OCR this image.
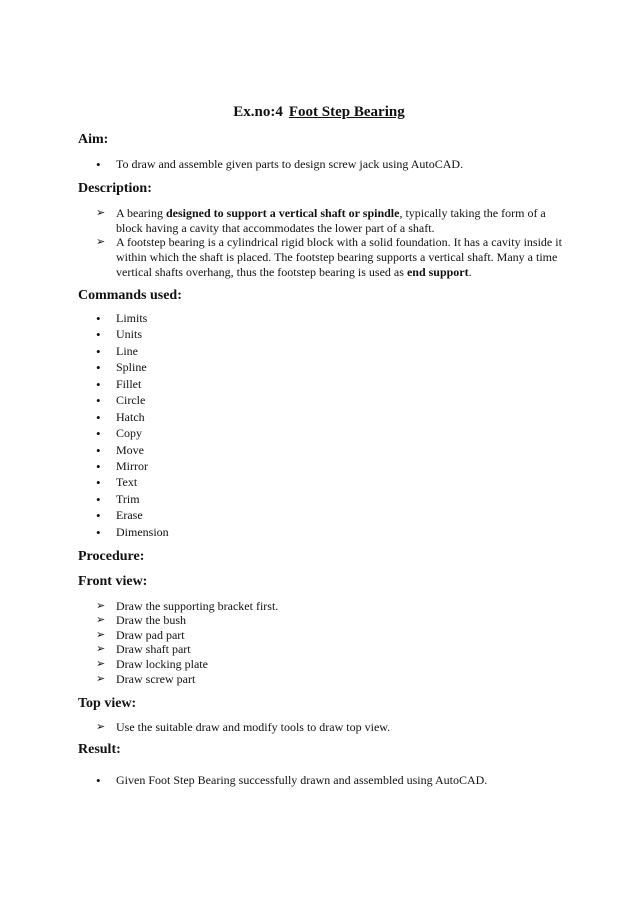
Ex.no:4 Foot Step Bearing
Aim:
•	To draw and assemble given parts to design screw jack using AutoCAD.
Description:
➢ A bearing designed to support a vertical shaft or spindle, typically taking the form of a block having a cavity that accommodates the lower part of a shaft.
➢ A footstep bearing is a cylindrical rigid block with a solid foundation. It has a cavity inside it within which the shaft is placed. The footstep bearing supports a vertical shaft. Many a time vertical shafts overhang, thus the footstep bearing is used as end support.
Commands used:
•	Limits
•	Units
•	Line
•	Spline
•	Fillet
•	Circle
•	Hatch
•	Copy
•	Move
•	Mirror
•	Text
•	Trim
•	Erase
•	Dimension
Procedure:
Front view:
➢ Draw the supporting bracket first.
➢ Draw the bush
➢ Draw pad part
➢ Draw shaft part
➢ Draw locking plate
➢ Draw screw part
Top view:
➢ Use the suitable draw and modify tools to draw top view.
Result:
•	Given Foot Step Bearing successfully drawn and assembled using AutoCAD.
